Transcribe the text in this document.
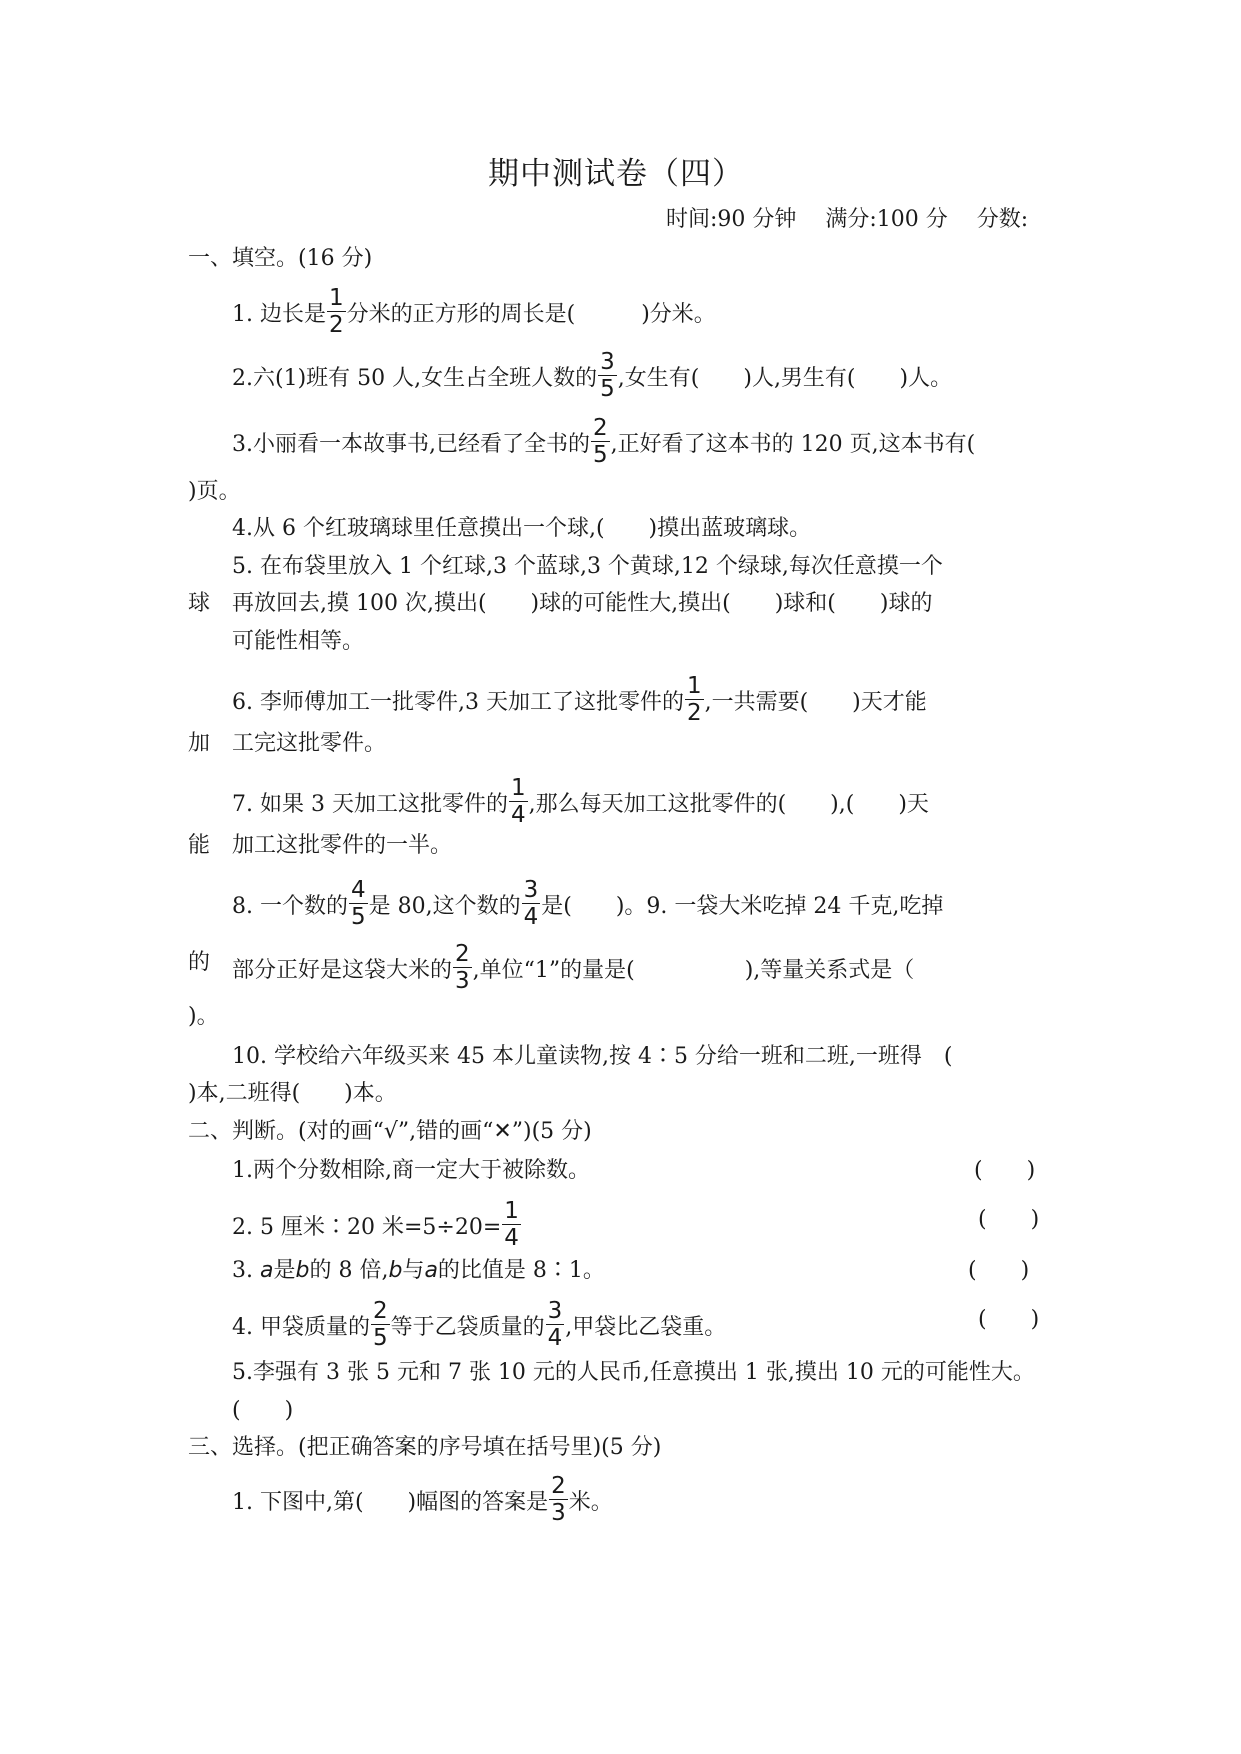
期中测试卷（四）
时间:90 分钟　 满分:100 分　 分数:
一、填空。(16 分)
1. 边长是 $\frac{1}{2}$ 分米的正方形的周长是(　　　)分米。
2.六(1)班有 50 人,女生占全班人数的 $\frac{3}{5}$ ,女生有(　　)人,男生有(　　)人。
3.小丽看一本故事书,已经看了全书的 $\frac{2}{5}$ ,正好看了这本书的 120 页,这本书有(
)页。
4.从 6 个红玻璃球里任意摸出一个球,(　　)摸出蓝玻璃球。
5. 在布袋里放入 1 个红球,3 个蓝球,3 个黄球,12 个绿球,每次任意摸一个
球 再放回去,摸 100 次,摸出(　　)球的可能性大,摸出(　　)球和(　　)球的
可能性相等。
6. 李师傅加工一批零件,3 天加工了这批零件的 $\frac{1}{2}$ ,一共需要(　　)天才能
加 工完这批零件。
7. 如果 3 天加工这批零件的 $\frac{1}{4}$ ,那么每天加工这批零件的(　　),(　　)天
能 加工这批零件的一半。
8. 一个数的 $\frac{4}{5}$ 是 80,这个数的 $\frac{3}{4}$ 是(　　)。9. 一袋大米吃掉 24 千克,吃掉
的 部分正好是这袋大米的 $\frac{2}{3}$ ,单位“1”的量是(　　　　　),等量关系式是（
)。
10. 学校给六年级买来 45 本儿童读物,按 4∶5 分给一班和二班,一班得　(
)本,二班得(　　)本。
二、判断。(对的画“√”,错的画“✕”)(5 分)
1.两个分数相除,商一定大于被除数。	(　　)
2. 5 厘米∶20 米$=5\div 20= \frac{1}{4}$	(　　)
3. a是b的 8 倍,b与a的比值是 8∶1。	(　　)
4. 甲袋质量的 $\frac{2}{5}$ 等于乙袋质量的 $\frac{3}{4}$ ,甲袋比乙袋重。	(　　)
5.李强有 3 张 5 元和 7 张 10 元的人民币,任意摸出 1 张,摸出 10 元的可能性大。
(　　)
三、选择。(把正确答案的序号填在括号里)(5 分)
1. 下图中,第(　　)幅图的答案是 $\frac{2}{3}$ 米。
